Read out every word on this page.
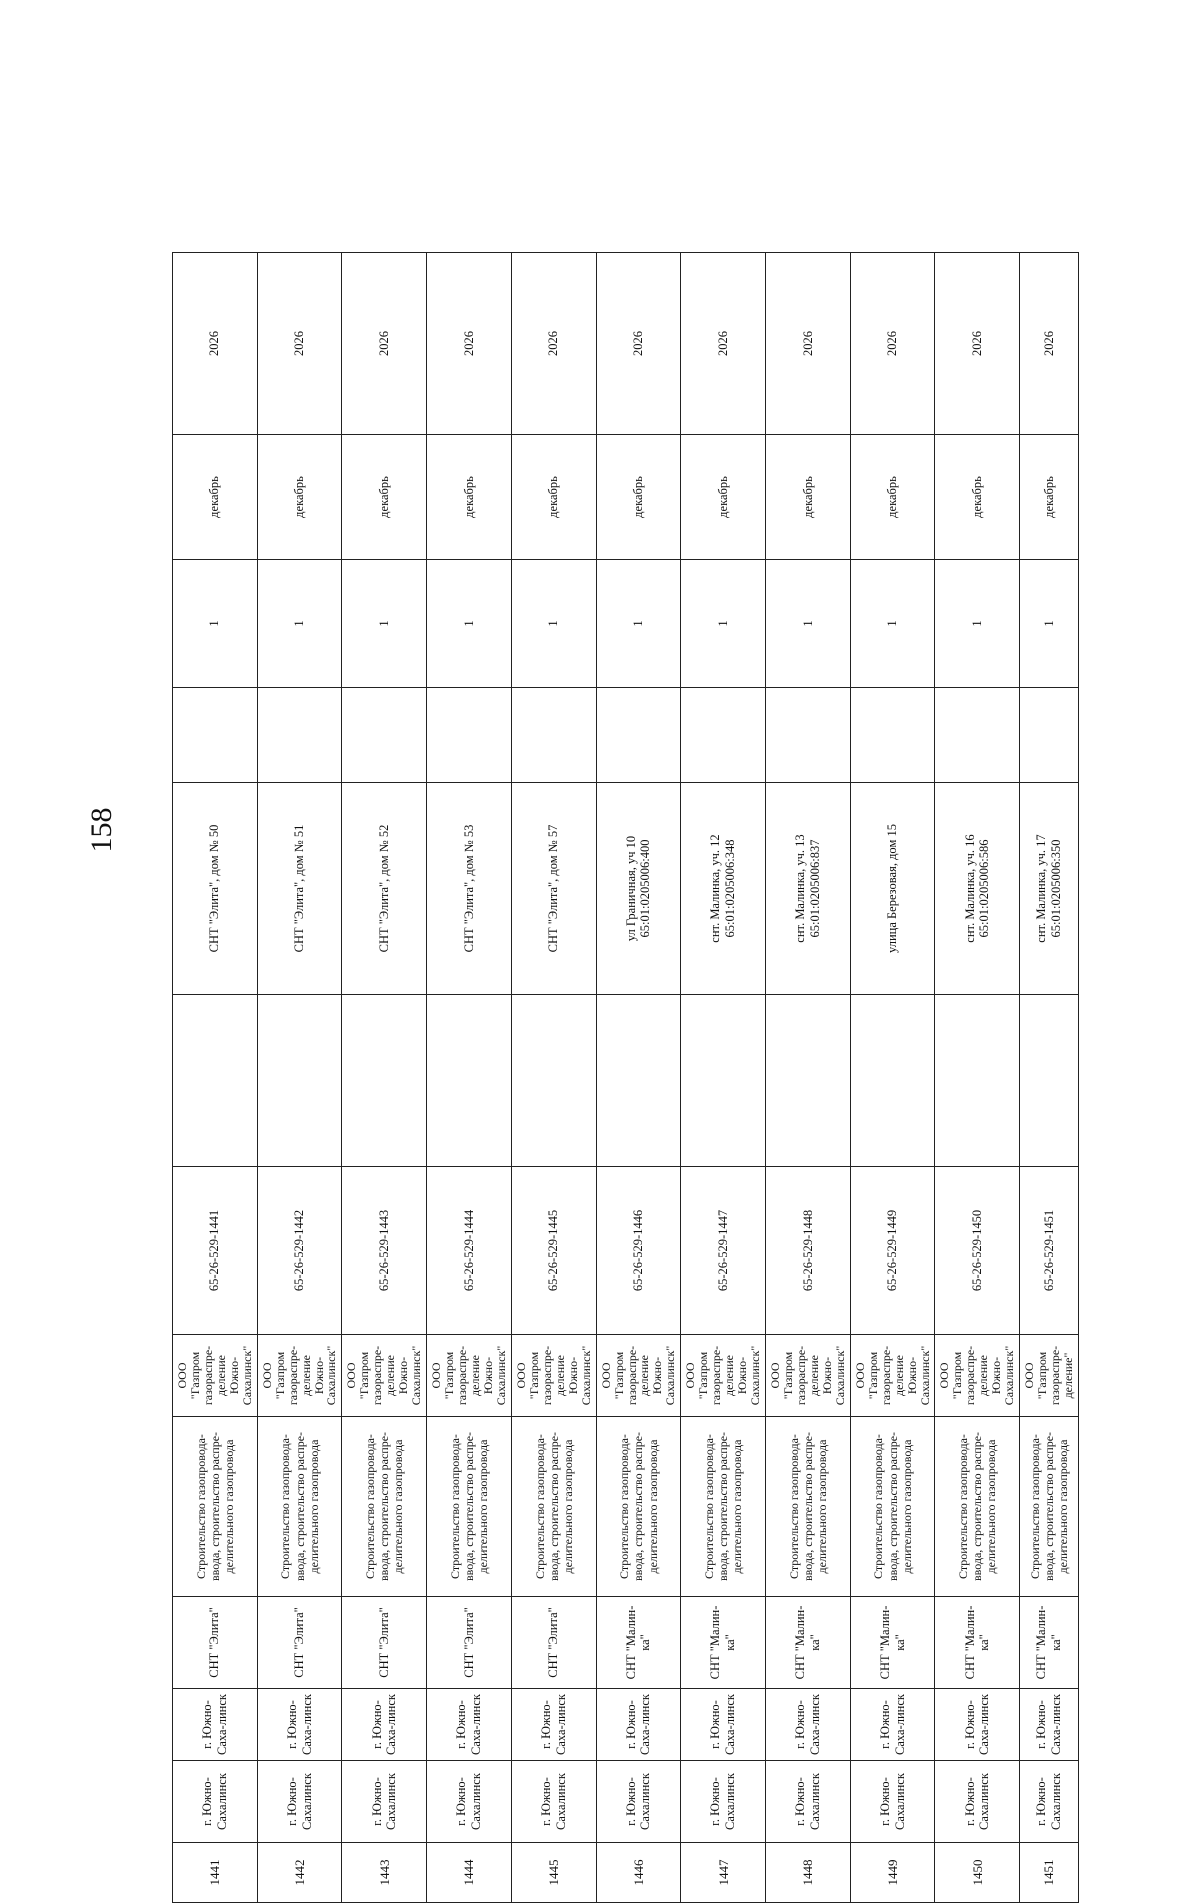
158
1441	г. Южно-Сахалинск	г. Южно-Саха-линск	СНТ "Элита"	Строительство газопровода-ввода, строительство распре-делительного газопровода	ООО "Газпром газораспре-деление Южно-Сахалинск"	65-26-529-1441		СНТ "Элита", дом № 50		1	декабрь	2026
1442	г. Южно-Сахалинск	г. Южно-Саха-линск	СНТ "Элита"	Строительство газопровода-ввода, строительство распре-делительного газопровода	ООО "Газпром газораспре-деление Южно-Сахалинск"	65-26-529-1442		СНТ "Элита", дом № 51		1	декабрь	2026
1443	г. Южно-Сахалинск	г. Южно-Саха-линск	СНТ "Элита"	Строительство газопровода-ввода, строительство распре-делительного газопровода	ООО "Газпром газораспре-деление Южно-Сахалинск"	65-26-529-1443		СНТ "Элита", дом № 52		1	декабрь	2026
1444	г. Южно-Сахалинск	г. Южно-Саха-линск	СНТ "Элита"	Строительство газопровода-ввода, строительство распре-делительного газопровода	ООО "Газпром газораспре-деление Южно-Сахалинск"	65-26-529-1444		СНТ "Элита", дом № 53		1	декабрь	2026
1445	г. Южно-Сахалинск	г. Южно-Саха-линск	СНТ "Элита"	Строительство газопровода-ввода, строительство распре-делительного газопровода	ООО "Газпром газораспре-деление Южно-Сахалинск"	65-26-529-1445		СНТ "Элита", дом № 57		1	декабрь	2026
1446	г. Южно-Сахалинск	г. Южно-Саха-линск	СНТ "Малин-ка"	Строительство газопровода-ввода, строительство распре-делительного газопровода	ООО "Газпром газораспре-деление Южно-Сахалинск"	65-26-529-1446		ул Граничная, уч 10 65:01:0205006:400		1	декабрь	2026
1447	г. Южно-Сахалинск	г. Южно-Саха-линск	СНТ "Малин-ка"	Строительство газопровода-ввода, строительство распре-делительного газопровода	ООО "Газпром газораспре-деление Южно-Сахалинск"	65-26-529-1447		снт. Малинка, уч. 12 65:01:0205006:348		1	декабрь	2026
1448	г. Южно-Сахалинск	г. Южно-Саха-линск	СНТ "Малин-ка"	Строительство газопровода-ввода, строительство распре-делительного газопровода	ООО "Газпром газораспре-деление Южно-Сахалинск"	65-26-529-1448		снт. Малинка, уч. 13 65:01:0205006:837		1	декабрь	2026
1449	г. Южно-Сахалинск	г. Южно-Саха-линск	СНТ "Малин-ка"	Строительство газопровода-ввода, строительство распре-делительного газопровода	ООО "Газпром газораспре-деление Южно-Сахалинск"	65-26-529-1449		улица Березовая, дом 15		1	декабрь	2026
1450	г. Южно-Сахалинск	г. Южно-Саха-линск	СНТ "Малин-ка"	Строительство газопровода-ввода, строительство распре-делительного газопровода	ООО "Газпром газораспре-деление Южно-Сахалинск"	65-26-529-1450		снт. Малинка, уч. 16 65:01:0205006:586		1	декабрь	2026
1451	г. Южно-Сахалинск	г. Южно-Саха-линск	СНТ "Малин-ка"	Строительство газопровода-ввода, строительство распре-делительного газопровода	ООО "Газпром газораспре-деление"	65-26-529-1451		снт. Малинка, уч. 17 65:01:0205006:350		1	декабрь	2026
